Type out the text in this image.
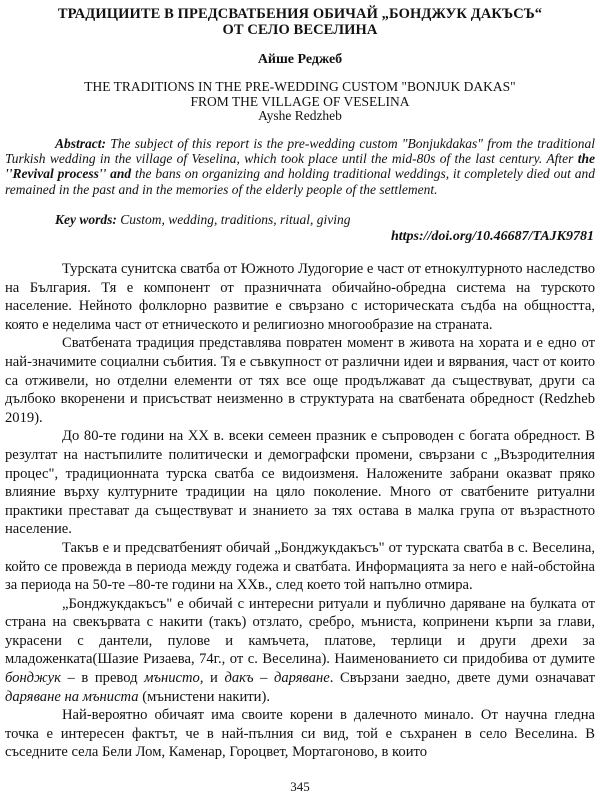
ТРАДИЦИИТЕ В ПРЕДСВАТБЕНИЯ ОБИЧАЙ „БОНДЖУК ДАКЪСЪ“
ОТ СЕЛО ВЕСЕЛИНА
Айше Реджеб
THE TRADITIONS IN THE PRE-WEDDING CUSTOM "BONJUK DAKAS"
FROM THE VILLAGE OF VESELINA
Ayshe Redzheb
Abstract: The subject of this report is the pre-wedding custom "Bonjukdakas" from the traditional Turkish wedding in the village of Veselina, which took place until the mid-80s of the last century. After the ''Revival process'' and the bans on organizing and holding traditional weddings, it completely died out and remained in the past and in the memories of the elderly people of the settlement.
Key words: Custom, wedding, traditions, ritual, giving
https://doi.org/10.46687/TAJK9781

Турската сунитска сватба от Южното Лудогорие е част от етнокултурното наследство на България. Тя е компонент от празничната обичайно-обредна система на турското население. Нейното фолклорно развитие е свързано с историческата съдба на общността, която е неделима част от етническото и религиозно многообразие на страната.

Сватбената традиция представлява повратен момент в живота на хората и е едно от най-значимите социални събития. Тя е съвкупност от различни идеи и вярвания, част от които са отживели, но отделни елементи от тях все още продължават да съществуват, други са дълбоко вкоренени и присъстват неизменно в структурата на сватбената обредност (Redzheb 2019).

До 80-те години на XX в. всеки семеен празник е съпроводен с богата обредност. В резултат на настъпилите политически и демографски промени, свързани с „Възродителния процес", традиционната турска сватба се видоизменя. Наложените забрани оказват пряко влияние върху културните традиции на цяло поколение. Много от сватбените ритуални практики престават да съществуват и знанието за тях остава в малка група от възрастното население.

Такъв е и предсватбеният обичай „Бонджукдакъсъ" от турската сватба в с. Веселина, който се провежда в периода между годежа и сватбата. Информацията за него е най-обстойна за периода на 50-те –80-те години на XXв., след което той напълно отмира.

„Бонджукдакъсъ" е обичай с интересни ритуали и публично даряване на булката от страна на свекървата с накити (такъ) отзлато, сребро, мъниста, копринени кърпи за глави, украсени с дантели, пулове и камъчета, платове, терлици и други дрехи за младоженката(Шазие Ризаева, 74г., от с. Веселина). Наименованието си придобива от думите бонджук – в превод мънисто, и дакъ – даряване. Свързани заедно, двете думи означават даряване на мъниста (мънистени накити).

Най-вероятно обичаят има своите корени в далечното минало. От научна гледна точка е интересен фактът, че в най-пълния си вид, той е съхранен в село Веселина. В съседните села Бели Лом, Каменар, Гороцвет, Мортагоново, в които

345
